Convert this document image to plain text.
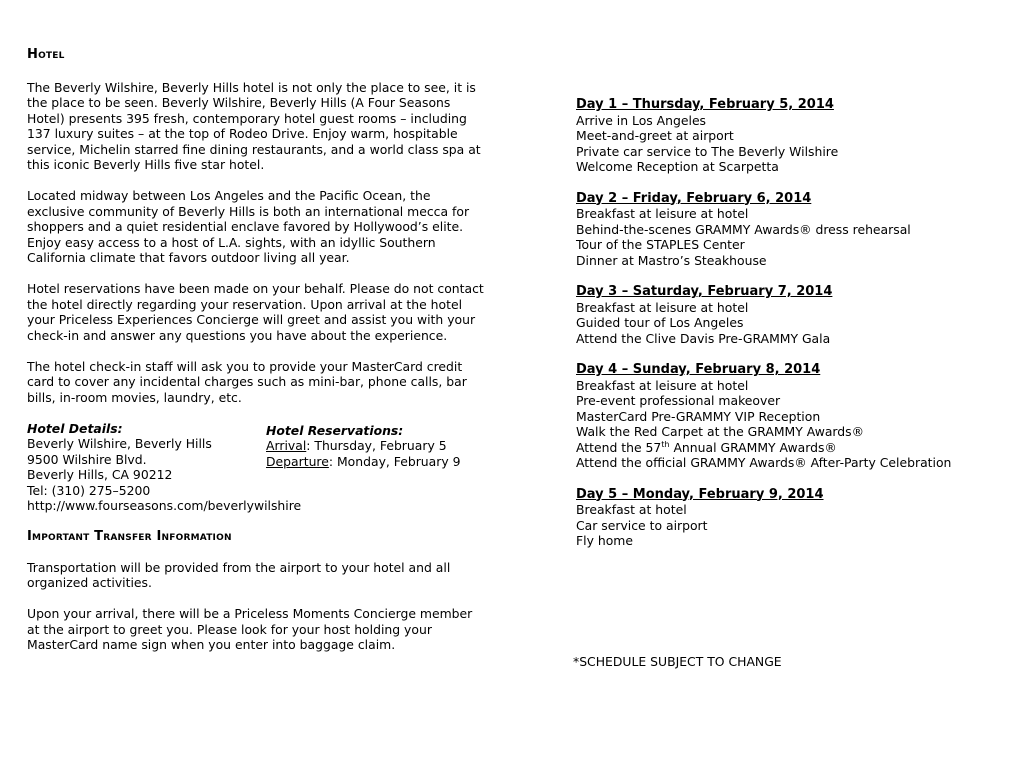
Hotel

The Beverly Wilshire, Beverly Hills hotel is not only the place to see, it is the place to be seen. Beverly Wilshire, Beverly Hills (A Four Seasons Hotel) presents 395 fresh, contemporary hotel guest rooms – including 137 luxury suites – at the top of Rodeo Drive. Enjoy warm, hospitable service, Michelin starred fine dining restaurants, and a world class spa at this iconic Beverly Hills five star hotel.

Located midway between Los Angeles and the Pacific Ocean, the exclusive community of Beverly Hills is both an international mecca for shoppers and a quiet residential enclave favored by Hollywood’s elite. Enjoy easy access to a host of L.A. sights, with an idyllic Southern California climate that favors outdoor living all year.

Hotel reservations have been made on your behalf. Please do not contact the hotel directly regarding your reservation. Upon arrival at the hotel your Priceless Experiences Concierge will greet and assist you with your check-in and answer any questions you have about the experience.

The hotel check-in staff will ask you to provide your MasterCard credit card to cover any incidental charges such as mini-bar, phone calls, bar bills, in-room movies, laundry, etc.

Hotel Details:
Beverly Wilshire, Beverly Hills
9500 Wilshire Blvd.
Beverly Hills, CA 90212
Tel: (310) 275–5200
http://www.fourseasons.com/beverlywilshire
Hotel Reservations:
Arrival: Thursday, February 5
Departure: Monday, February 9
Important Transfer Information

Transportation will be provided from the airport to your hotel and all organized activities.

Upon your arrival, there will be a Priceless Moments Concierge member at the airport to greet you. Please look for your host holding your MasterCard name sign when you enter into baggage claim.

Day 1 – Thursday, February 5, 2014
Arrive in Los Angeles
Meet-and-greet at airport
Private car service to The Beverly Wilshire
Welcome Reception at Scarpetta
Day 2 – Friday, February 6, 2014
Breakfast at leisure at hotel
Behind-the-scenes GRAMMY Awards® dress rehearsal
Tour of the STAPLES Center
Dinner at Mastro’s Steakhouse
Day 3 – Saturday, February 7, 2014
Breakfast at leisure at hotel
Guided tour of Los Angeles
Attend the Clive Davis Pre-GRAMMY Gala
Day 4 – Sunday, February 8, 2014
Breakfast at leisure at hotel
Pre-event professional makeover
MasterCard Pre-GRAMMY VIP Reception
Walk the Red Carpet at the GRAMMY Awards®
Attend the 57th Annual GRAMMY Awards®
Attend the official GRAMMY Awards® After-Party Celebration
Day 5 – Monday, February 9, 2014
Breakfast at hotel
Car service to airport
Fly home
*SCHEDULE SUBJECT TO CHANGE
